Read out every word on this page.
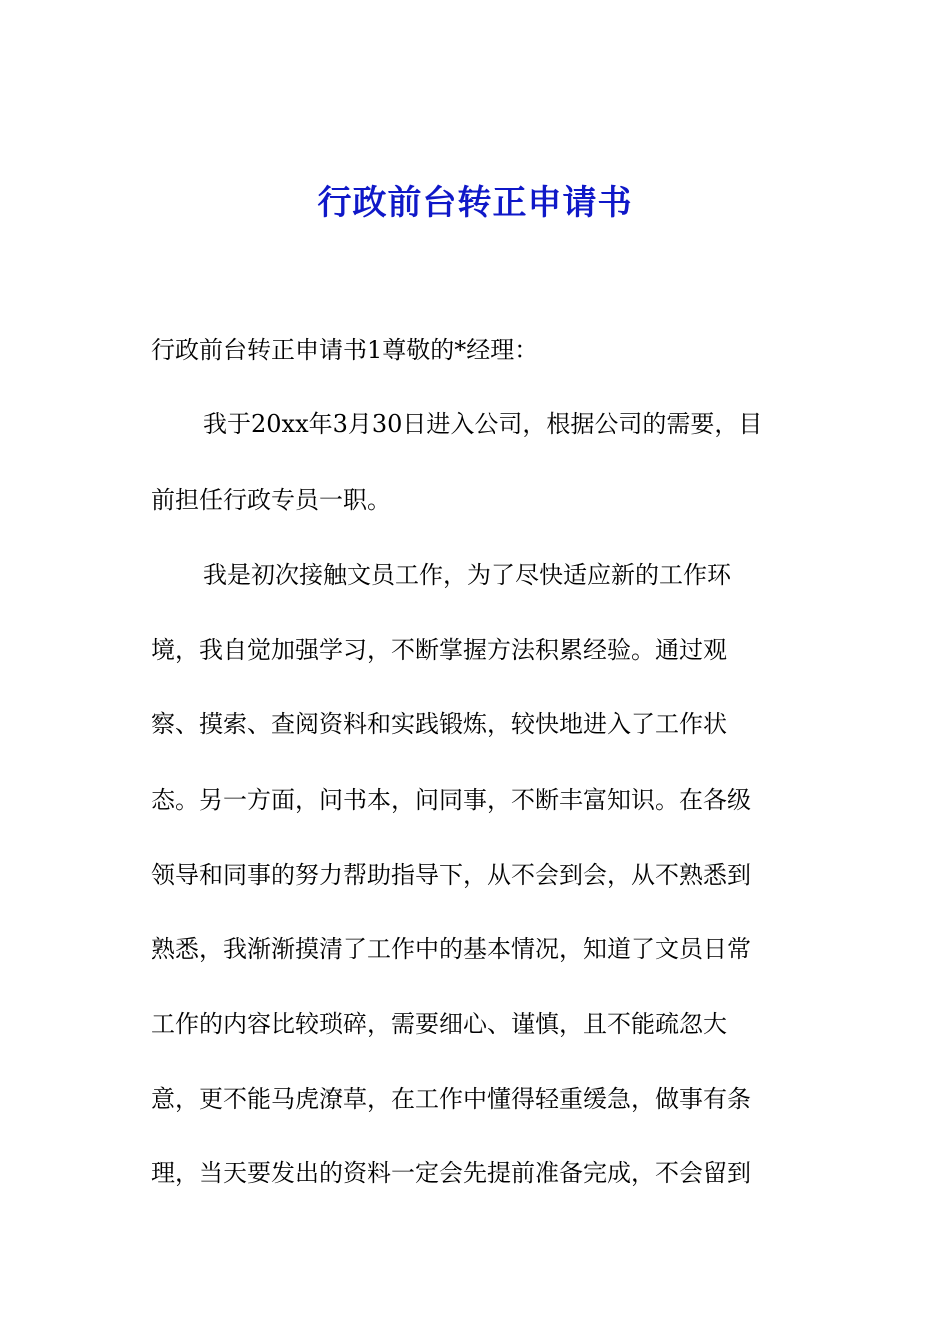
行政前台转正申请书

行政前台转正申请书1尊敬的*经理：

我于20xx年3月30日进入公司，根据公司的需要，目

前担任行政专员一职。

我是初次接触文员工作，为了尽快适应新的工作环

境，我自觉加强学习，不断掌握方法积累经验。通过观

察、摸索、查阅资料和实践锻炼，较快地进入了工作状

态。另一方面，问书本，问同事，不断丰富知识。在各级

领导和同事的努力帮助指导下，从不会到会，从不熟悉到

熟悉，我渐渐摸清了工作中的基本情况，知道了文员日常

工作的内容比较琐碎，需要细心、谨慎，且不能疏忽大

意，更不能马虎潦草，在工作中懂得轻重缓急，做事有条

理，当天要发出的资料一定会先提前准备完成，不会留到
